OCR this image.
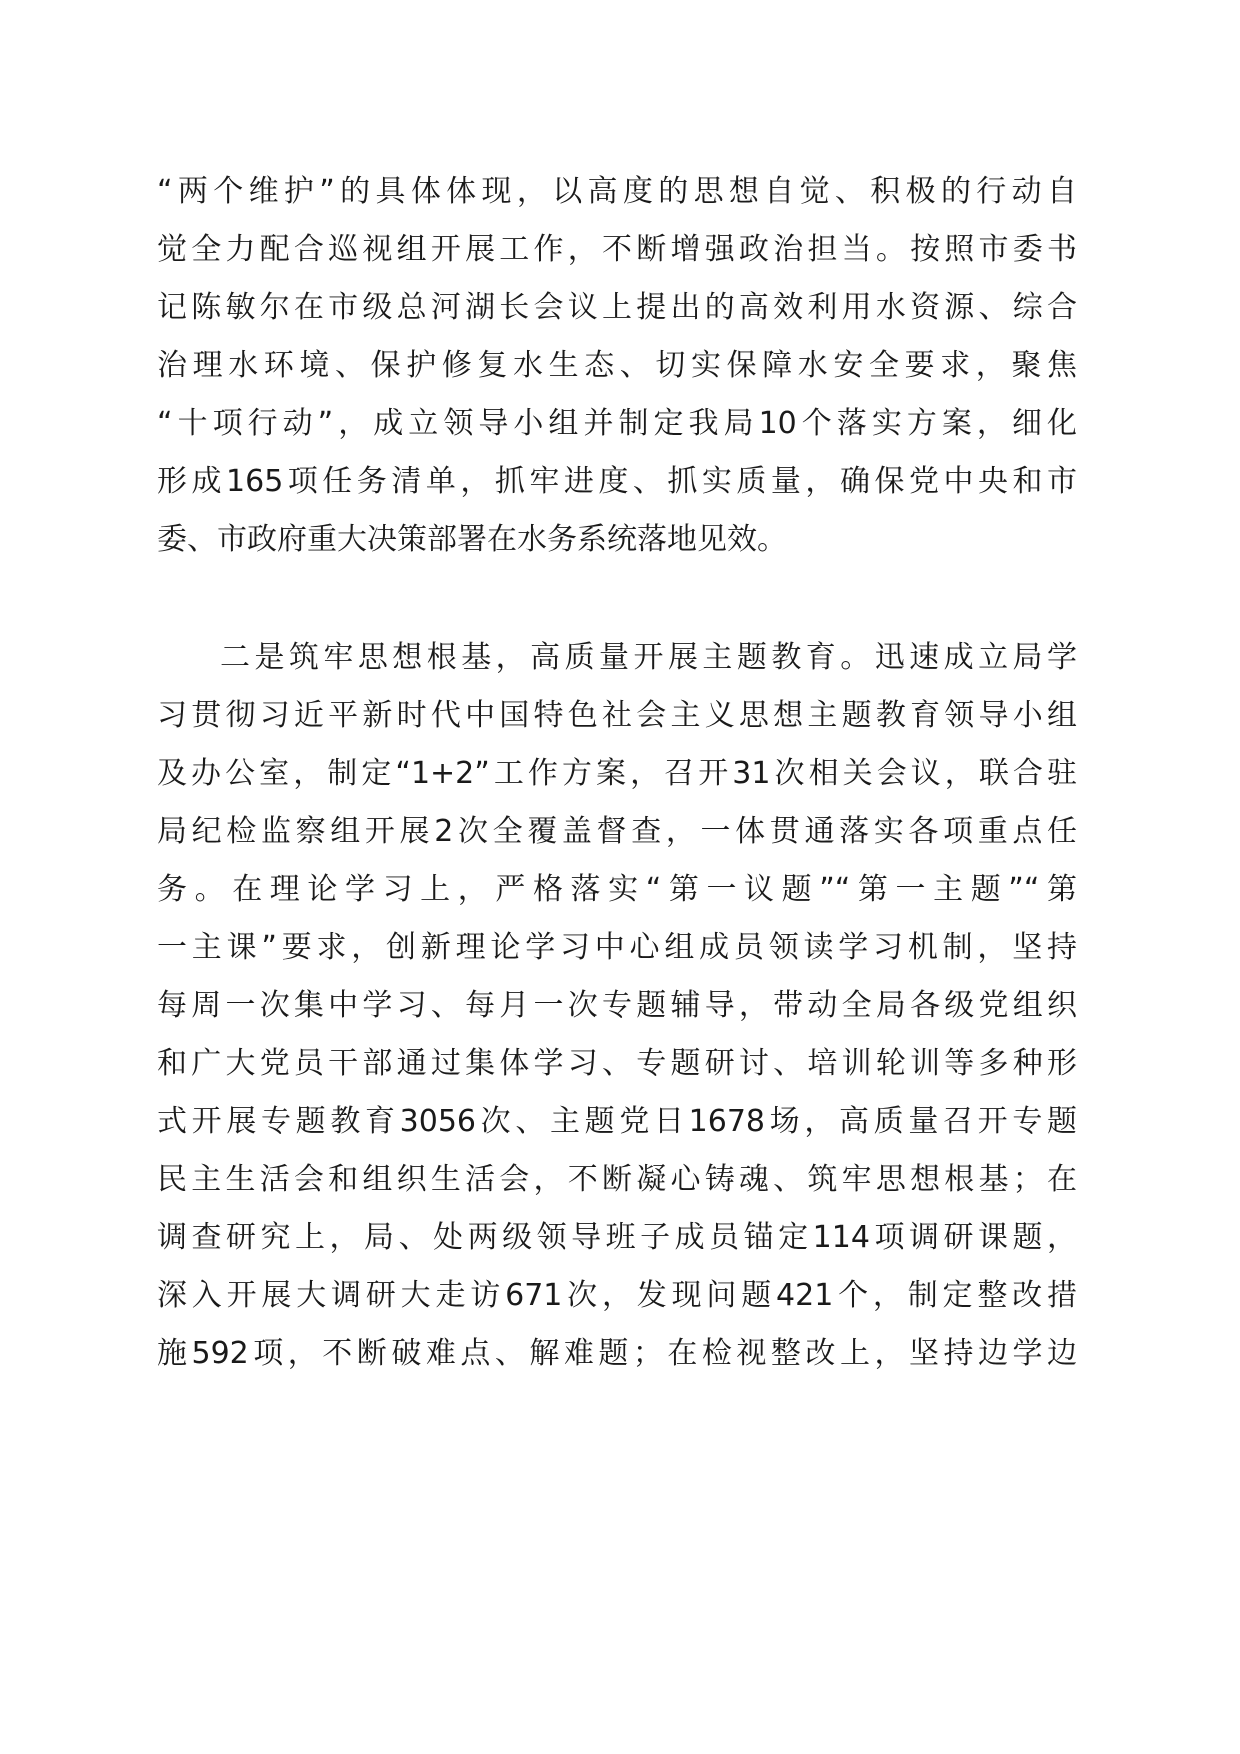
“两个维护”的具体体现，以高度的思想自觉、积极的行动自
觉全力配合巡视组开展工作，不断增强政治担当。按照市委书
记陈敏尔在市级总河湖长会议上提出的高效利用水资源、综合
治理水环境、保护修复水生态、切实保障水安全要求，聚焦
“十项行动”，成立领导小组并制定我局10个落实方案，细化
形成165项任务清单，抓牢进度、抓实质量，确保党中央和市
委、市政府重大决策部署在水务系统落地见效。
二是筑牢思想根基，高质量开展主题教育。迅速成立局学
习贯彻习近平新时代中国特色社会主义思想主题教育领导小组
及办公室，制定“1+2”工作方案，召开31次相关会议，联合驻
局纪检监察组开展2次全覆盖督查，一体贯通落实各项重点任
务。在理论学习上，严格落实“第一议题”“第一主题”“第
一主课”要求，创新理论学习中心组成员领读学习机制，坚持
每周一次集中学习、每月一次专题辅导，带动全局各级党组织
和广大党员干部通过集体学习、专题研讨、培训轮训等多种形
式开展专题教育3056次、主题党日1678场，高质量召开专题
民主生活会和组织生活会，不断凝心铸魂、筑牢思想根基；在
调查研究上，局、处两级领导班子成员锚定114项调研课题，
深入开展大调研大走访671次，发现问题421个，制定整改措
施592项，不断破难点、解难题；在检视整改上，坚持边学边
